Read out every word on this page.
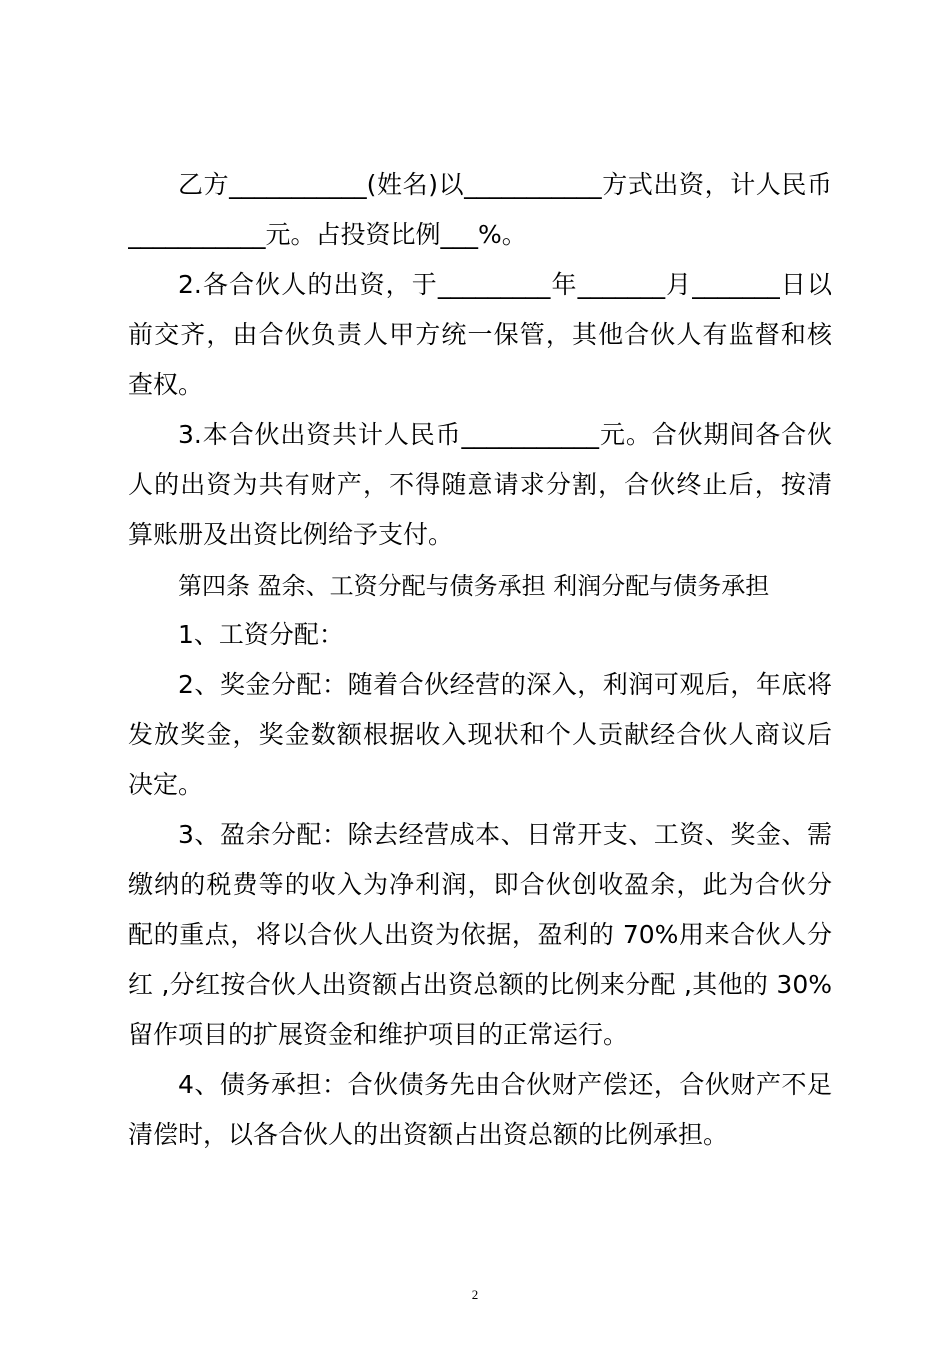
乙方___________(姓名)以___________方式出资，计人民币
___________元。占投资比例___%。
2.各合伙人的出资，于_________年_______月_______日以
前交齐，由合伙负责人甲方统一保管，其他合伙人有监督和核
查权。
3.本合伙出资共计人民币___________元。合伙期间各合伙
人的出资为共有财产，不得随意请求分割，合伙终止后，按清
算账册及出资比例给予支付。
第四条 盈余、工资分配与债务承担 利润分配与债务承担
1、工资分配：
2、奖金分配：随着合伙经营的深入，利润可观后，年底将
发放奖金，奖金数额根据收入现状和个人贡献经合伙人商议后
决定。
3、盈余分配：除去经营成本、日常开支、工资、奖金、需
缴纳的税费等的收入为净利润，即合伙创收盈余，此为合伙分
配的重点，将以合伙人出资为依据，盈利的 70%用来合伙人分
红 ,分红按合伙人出资额占出资总额的比例来分配 ,其他的 30%
留作项目的扩展资金和维护项目的正常运行。
4、债务承担：合伙债务先由合伙财产偿还，合伙财产不足
清偿时，以各合伙人的出资额占出资总额的比例承担。
2
